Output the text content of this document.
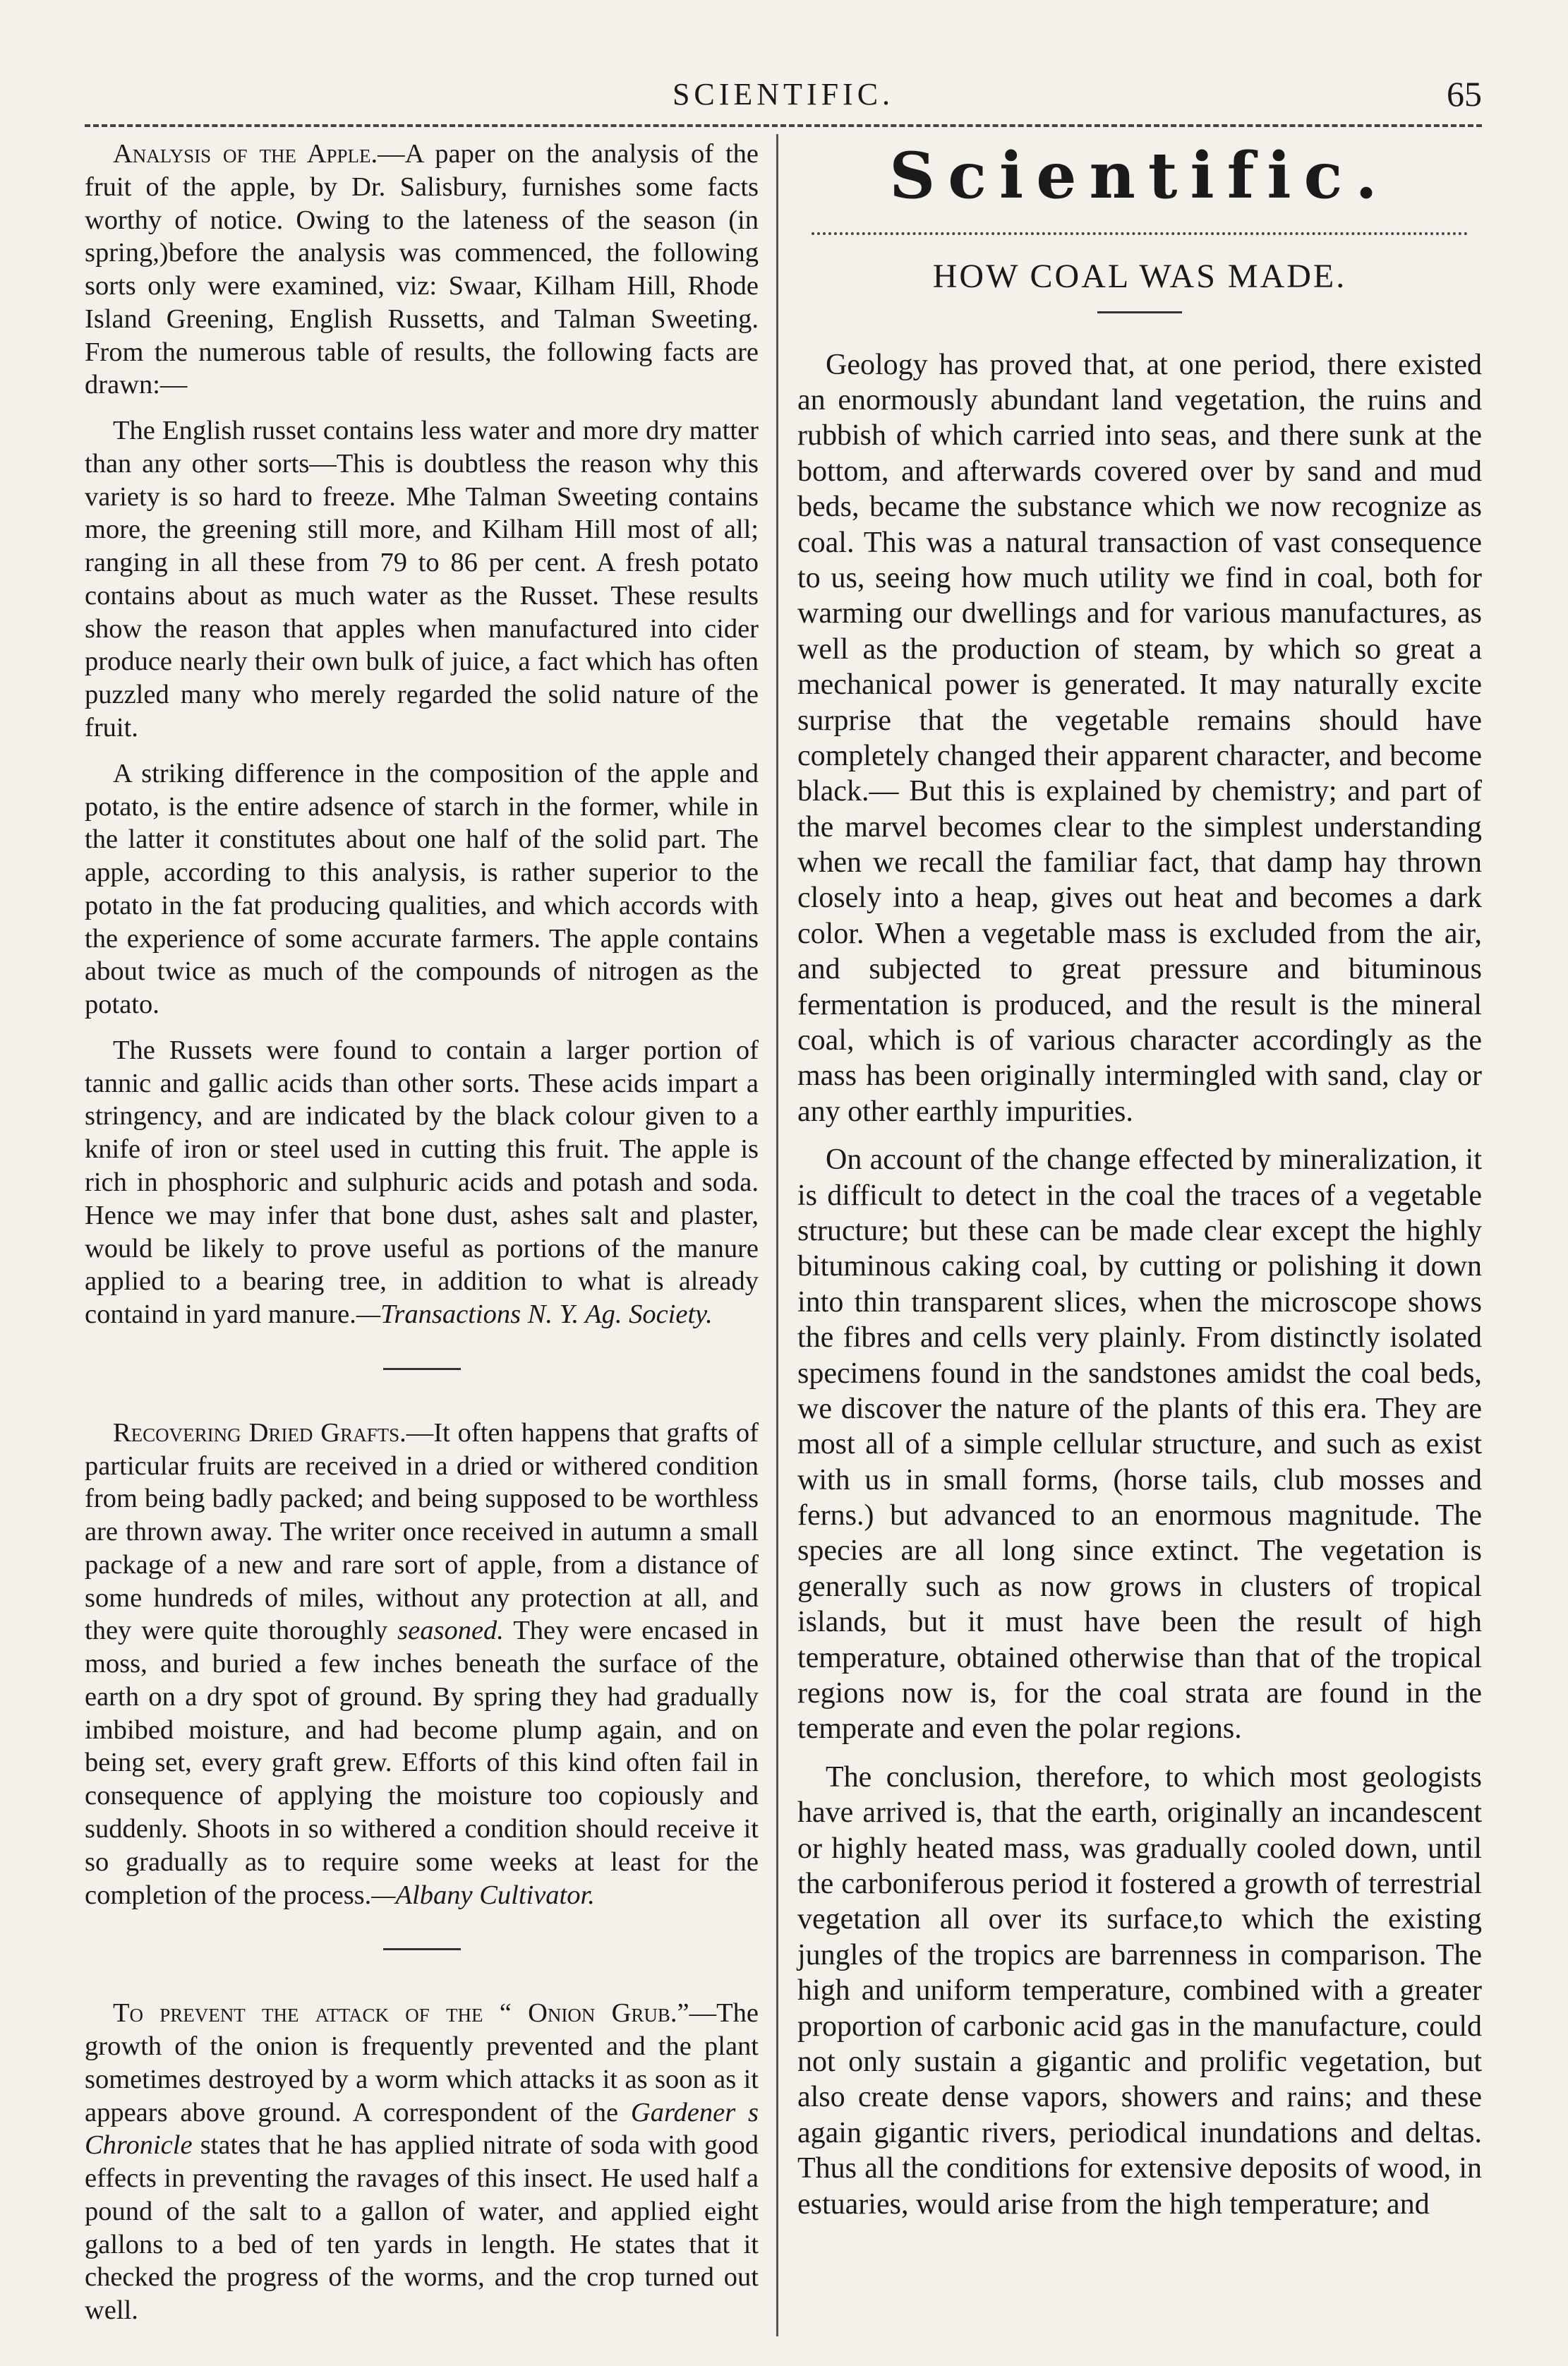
SCIENTIFIC.	65

Analysis of the Apple.—A paper on the analysis of the fruit of the apple, by Dr. Salisbury, furnishes some facts worthy of notice. Owing to the lateness of the season (in spring,)before the analysis was commenced, the following sorts only were examined, viz: Swaar, Kilham Hill, Rhode Island Greening, English Russetts, and Talman Sweeting. From the numerous table of results, the following facts are drawn:—

The English russet contains less water and more dry matter than any other sorts—This is doubtless the reason why this variety is so hard to freeze. Mhe Talman Sweeting contains more, the greening still more, and Kilham Hill most of all; ranging in all these from 79 to 86 per cent. A fresh potato contains about as much water as the Russet. These results show the reason that apples when manufactured into cider produce nearly their own bulk of juice, a fact which has often puzzled many who merely regarded the solid nature of the fruit.

A striking difference in the composition of the apple and potato, is the entire adsence of starch in the former, while in the latter it constitutes about one half of the solid part. The apple, according to this analysis, is rather superior to the potato in the fat producing qualities, and which accords with the experience of some accurate farmers. The apple contains about twice as much of the compounds of nitrogen as the potato.

The Russets were found to contain a larger portion of tannic and gallic acids than other sorts. These acids impart a stringency, and are indicated by the black colour given to a knife of iron or steel used in cutting this fruit. The apple is rich in phosphoric and sulphuric acids and potash and soda. Hence we may infer that bone dust, ashes salt and plaster, would be likely to prove useful as portions of the manure applied to a bearing tree, in addition to what is already containd in yard manure.—Transactions N. Y. Ag. Society.

Recovering Dried Grafts.—It often happens that grafts of particular fruits are received in a dried or withered condition from being badly packed; and being supposed to be worthless are thrown away. The writer once received in autumn a small package of a new and rare sort of apple, from a distance of some hundreds of miles, without any protection at all, and they were quite thoroughly seasoned. They were encased in moss, and buried a few inches beneath the surface of the earth on a dry spot of ground. By spring they had gradually imbibed moisture, and had become plump again, and on being set, every graft grew. Efforts of this kind often fail in consequence of applying the moisture too copiously and suddenly. Shoots in so withered a condition should receive it so gradually as to require some weeks at least for the completion of the process.—Albany Cultivator.

To prevent the attack of the “ Onion Grub.”—The growth of the onion is frequently prevented and the plant sometimes destroyed by a worm which attacks it as soon as it appears above ground. A correspondent of the Gardener s Chronicle states that he has applied nitrate of soda with good effects in preventing the ravages of this insect. He used half a pound of the salt to a gallon of water, and applied eight gallons to a bed of ten yards in length. He states that it checked the progress of the worms, and the crop turned out well.

Scientific.
HOW COAL WAS MADE.

Geology has proved that, at one period, there existed an enormously abundant land vegetation, the ruins and rubbish of which carried into seas, and there sunk at the bottom, and afterwards covered over by sand and mud beds, became the substance which we now recognize as coal. This was a natural transaction of vast consequence to us, seeing how much utility we find in coal, both for warming our dwellings and for various manufactures, as well as the production of steam, by which so great a mechanical power is generated. It may naturally excite surprise that the vegetable remains should have completely changed their apparent character, and become black.— But this is explained by chemistry; and part of the marvel becomes clear to the simplest understanding when we recall the familiar fact, that damp hay thrown closely into a heap, gives out heat and becomes a dark color. When a vegetable mass is excluded from the air, and subjected to great pressure and bituminous fermentation is produced, and the result is the mineral coal, which is of various character accordingly as the mass has been originally intermingled with sand, clay or any other earthly impurities.

On account of the change effected by mineralization, it is difficult to detect in the coal the traces of a vegetable structure; but these can be made clear except the highly bituminous caking coal, by cutting or polishing it down into thin transparent slices, when the microscope shows the fibres and cells very plainly. From distinctly isolated specimens found in the sandstones amidst the coal beds, we discover the nature of the plants of this era. They are most all of a simple cellular structure, and such as exist with us in small forms, (horse tails, club mosses and ferns.) but advanced to an enormous magnitude. The species are all long since extinct. The vegetation is generally such as now grows in clusters of tropical islands, but it must have been the result of high temperature, obtained otherwise than that of the tropical regions now is, for the coal strata are found in the temperate and even the polar regions.

The conclusion, therefore, to which most geologists have arrived is, that the earth, originally an incandescent or highly heated mass, was gradually cooled down, until the carboniferous period it fostered a growth of terrestrial vegetation all over its surface,to which the existing jungles of the tropics are barrenness in comparison. The high and uniform temperature, combined with a greater proportion of carbonic acid gas in the manufacture, could not only sustain a gigantic and prolific vegetation, but also create dense vapors, showers and rains; and these again gigantic rivers, periodical inundations and deltas. Thus all the conditions for extensive deposits of wood, in estuaries, would arise from the high temperature; and
